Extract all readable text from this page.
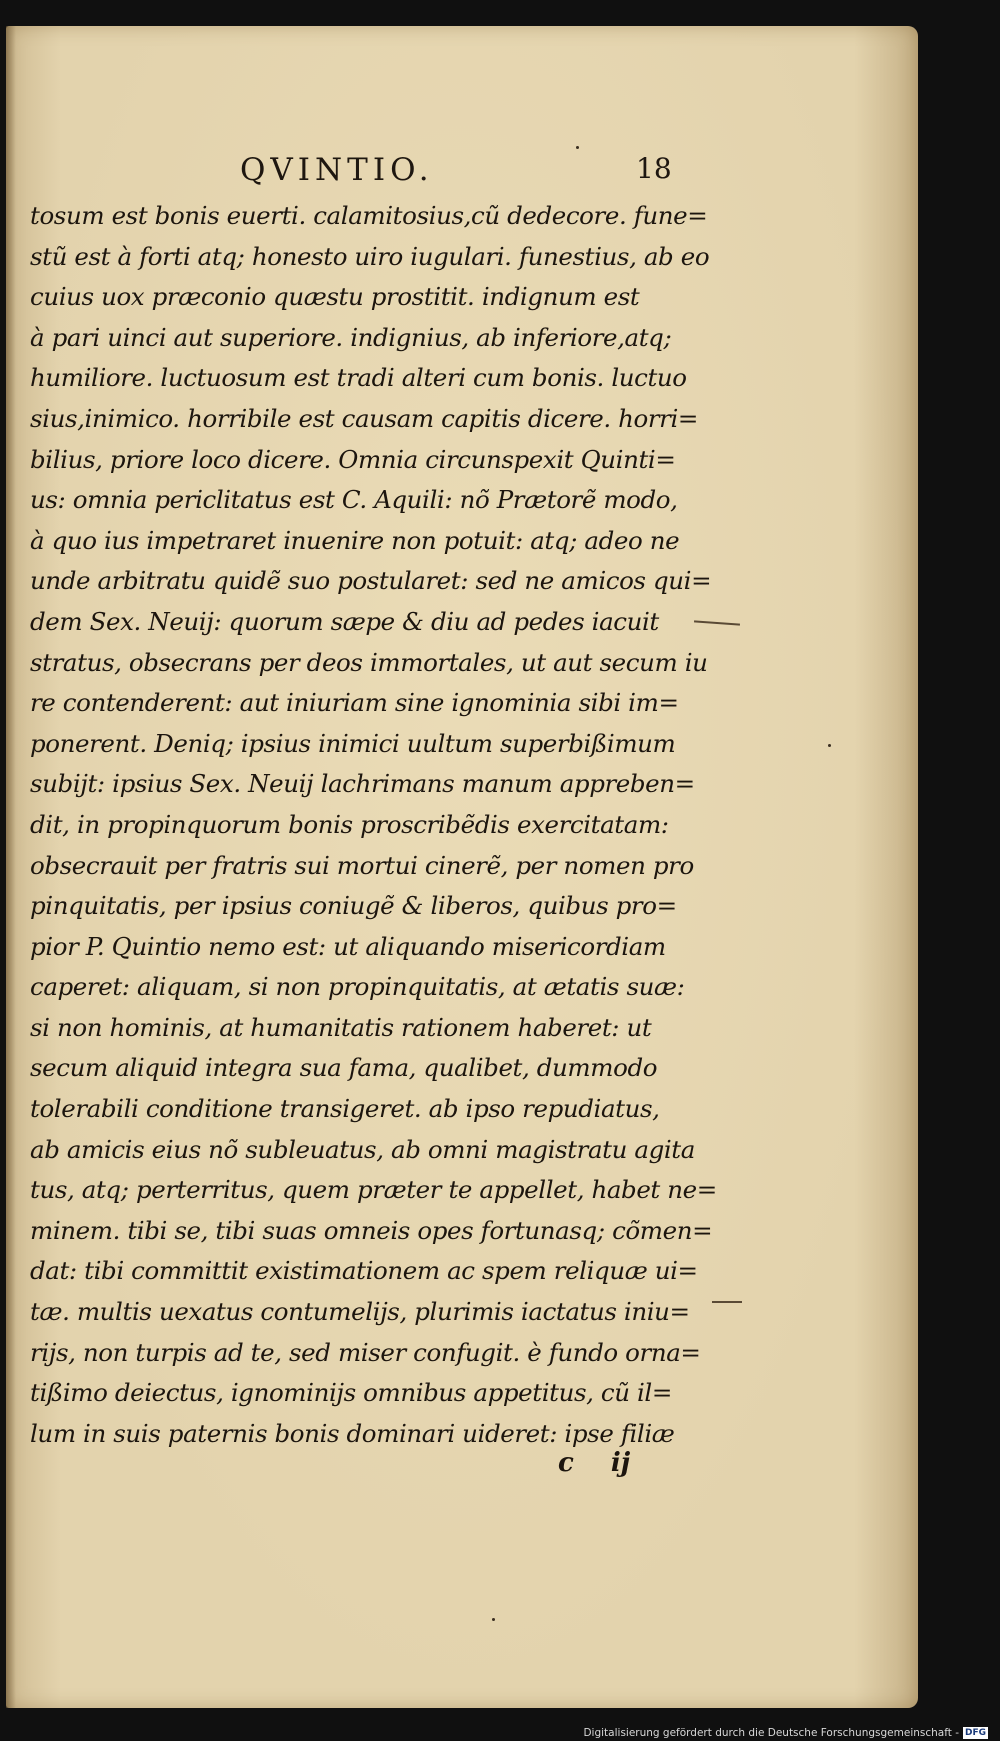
QVINTIO.	18
tosum est bonis euerti. calamitosius,cũ dedecore. fune=
stũ est à forti atq; honesto uiro iugulari. funestius, ab eo
cuius uox præconio quæstu prostitit. indignum est
à pari uinci aut superiore. indignius, ab inferiore,atq;
humiliore. luctuosum est tradi alteri cum bonis. luctuo
sius,inimico. horribile est causam capitis dicere. horri=
bilius, priore loco dicere. Omnia circunspexit Quinti=
us: omnia periclitatus est C. Aquili: nõ Prætorẽ modo,
à quo ius impetraret inuenire non potuit: atq; adeo ne
unde arbitratu quidẽ suo postularet: sed ne amicos qui=
dem Sex. Neuij: quorum sæpe & diu ad pedes iacuit
stratus, obsecrans per deos immortales, ut aut secum iu
re contenderent: aut iniuriam sine ignominia sibi im=
ponerent. Deniq; ipsius inimici uultum superbißimum
subijt: ipsius Sex. Neuij lachrimans manum appreben=
dit, in propinquorum bonis proscribẽdis exercitatam:
obsecrauit per fratris sui mortui cinerẽ, per nomen pro
pinquitatis, per ipsius coniugẽ & liberos, quibus pro=
pior P. Quintio nemo est: ut aliquando misericordiam
caperet: aliquam, si non propinquitatis, at ætatis suæ:
si non hominis, at humanitatis rationem haberet: ut
secum aliquid integra sua fama, qualibet, dummodo
tolerabili conditione transigeret. ab ipso repudiatus,
ab amicis eius nõ subleuatus, ab omni magistratu agita
tus, atq; perterritus, quem præter te appellet, habet ne=
minem. tibi se, tibi suas omneis opes fortunasq; cõmen=
dat: tibi committit existimationem ac spem reliquæ ui=
tæ. multis uexatus contumelijs, plurimis iactatus iniu=
rijs, non turpis ad te, sed miser confugit. è fundo orna=
tißimo deiectus, ignominijs omnibus appetitus, cũ il=
lum in suis paternis bonis dominari uideret: ipse filiæ
c ij
Digitalisierung gefördert durch die Deutsche Forschungsgemeinschaft - DFG
